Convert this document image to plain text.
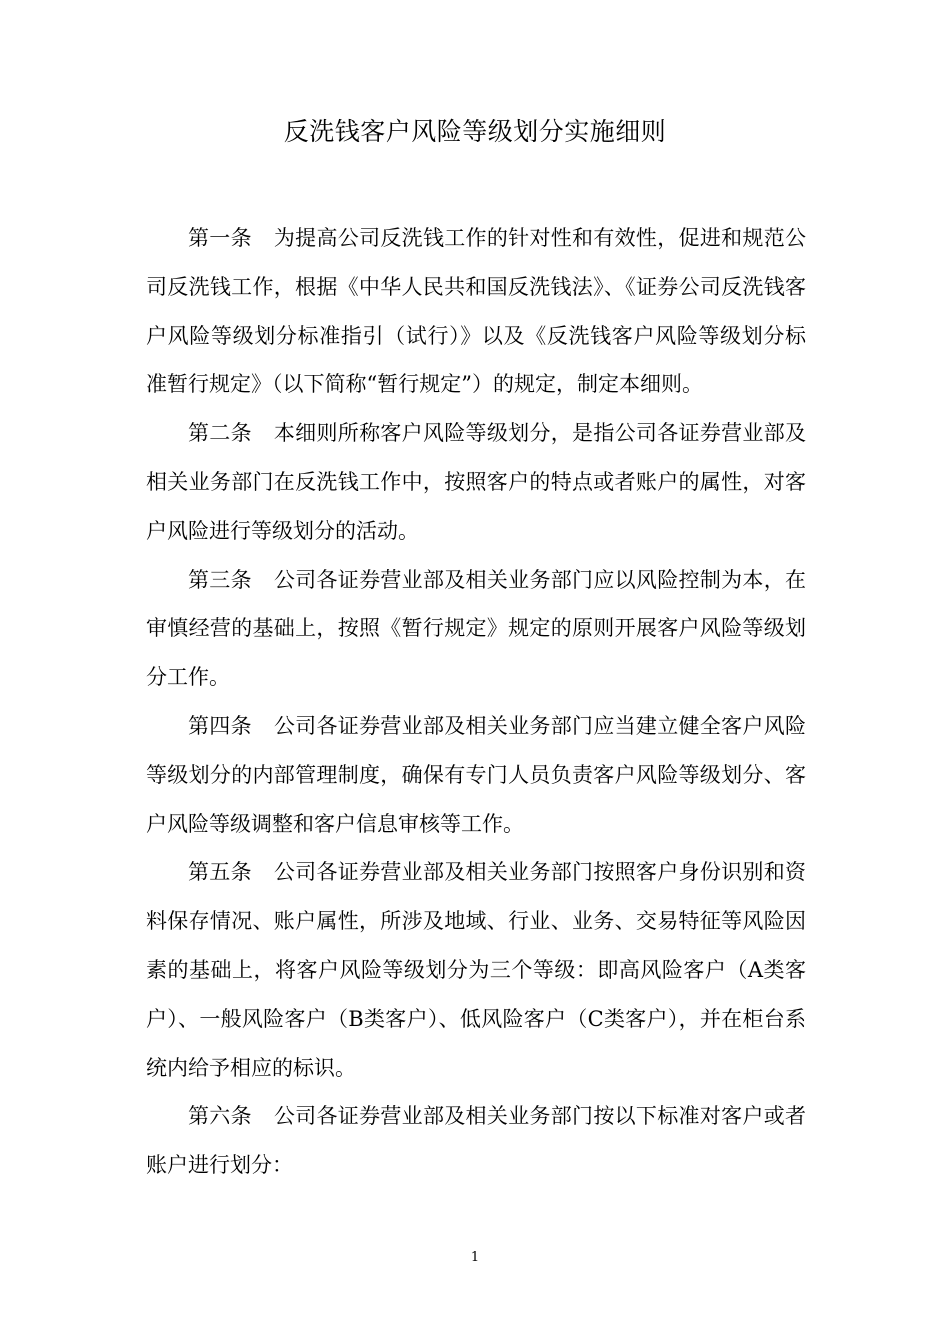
反洗钱客户风险等级划分实施细则

第一条 为提高公司反洗钱工作的针对性和有效性，促进和规范公司反洗钱工作，根据《中华人民共和国反洗钱法》、《证券公司反洗钱客户风险等级划分标准指引（试行）》以及《反洗钱客户风险等级划分标准暂行规定》（以下简称“暂行规定”）的规定，制定本细则。

第二条 本细则所称客户风险等级划分，是指公司各证券营业部及相关业务部门在反洗钱工作中，按照客户的特点或者账户的属性，对客户风险进行等级划分的活动。

第三条 公司各证券营业部及相关业务部门应以风险控制为本，在审慎经营的基础上，按照《暂行规定》规定的原则开展客户风险等级划分工作。

第四条 公司各证券营业部及相关业务部门应当建立健全客户风险等级划分的内部管理制度，确保有专门人员负责客户风险等级划分、客户风险等级调整和客户信息审核等工作。

第五条 公司各证券营业部及相关业务部门按照客户身份识别和资料保存情况、账户属性，所涉及地域、行业、业务、交易特征等风险因素的基础上，将客户风险等级划分为三个等级：即高风险客户（A类客户）、一般风险客户（B类客户）、低风险客户（C类客户），并在柜台系统内给予相应的标识。

第六条 公司各证券营业部及相关业务部门按以下标准对客户或者账户进行划分：

1
